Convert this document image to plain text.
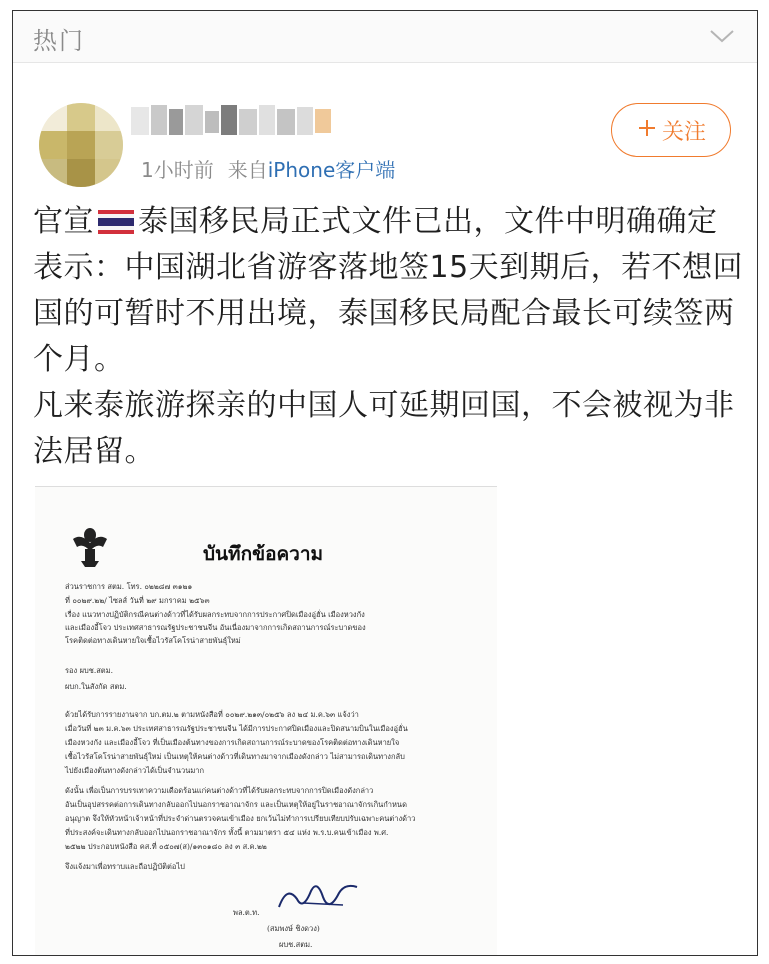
热门
1小时前 来自iPhone客户端
关注

官宣 泰国移民局正式文件已出，文件中明确确定表示：中国湖北省游客落地签15天到期后，若不想回国的可暂时不用出境，泰国移民局配合最长可续签两个月。

凡来泰旅游探亲的中国人可延期回国，不会被视为非法居留。

บันทึกข้อความ
ส่วนราชการ สตม. โทร. ๐๒๒๘๗ ๓๑๒๑
ที่ ๐๐๒๙.๒๒/ ไซลส์ วันที่ ๒๙ มกราคม ๒๕๖๓
เรื่อง แนวทางปฏิบัติกรณีคนต่างด้าวที่ได้รับผลกระทบจากการประกาศปิดเมืองอู่ฮั่น เมืองหวงกัง
และเมืองอี้โจว ประเทศสาธารณรัฐประชาชนจีน อันเนื่องมาจากการเกิดสถานการณ์ระบาดของ
โรคติดต่อทางเดินหายใจเชื้อไวรัสโคโรน่าสายพันธุ์ใหม่
รอง ผบช.สตม.
ผบก.ในสังกัด สตม.
ด้วยได้รับการรายงานจาก บก.ตม.๒ ตามหนังสือที่ ๐๐๒๙.๒๑๓/๐๒๕๖ ลง ๒๔ ม.ค.๖๓ แจ้งว่า
เมื่อวันที่ ๒๓ ม.ค.๖๓ ประเทศสาธารณรัฐประชาชนจีน ได้มีการประกาศปิดเมืองและปิดสนามบินในเมืองอู่ฮั่น
เมืองหวงกัง และเมืองอี้โจว ที่เป็นเมืองต้นทางของการเกิดสถานการณ์ระบาดของโรคติดต่อทางเดินหายใจ
เชื้อไวรัสโคโรน่าสายพันธุ์ใหม่ เป็นเหตุให้คนต่างด้าวที่เดินทางมาจากเมืองดังกล่าว ไม่สามารถเดินทางกลับ
ไปยังเมืองต้นทางดังกล่าวได้เป็นจำนวนมาก
ดังนั้น เพื่อเป็นการบรรเทาความเดือดร้อนแก่คนต่างด้าวที่ได้รับผลกระทบจากการปิดเมืองดังกล่าว
อันเป็นอุปสรรคต่อการเดินทางกลับออกไปนอกราชอาณาจักร และเป็นเหตุให้อยู่ในราชอาณาจักรเกินกำหนด
อนุญาต จึงให้หัวหน้าเจ้าหน้าที่ประจำด่านตรวจคนเข้าเมือง ยกเว้นไม่ทำการเปรียบเทียบปรับเฉพาะคนต่างด้าว
ที่ประสงค์จะเดินทางกลับออกไปนอกราชอาณาจักร ทั้งนี้ ตามมาตรา ๕๔ แห่ง พ.ร.บ.คนเข้าเมือง พ.ศ.
๒๕๒๒ ประกอบหนังสือ คส.ที่ ๐๕๐๗(ส)/๑๓๐๑๘๐ ลง ๓ ส.ค.๒๒
จึงแจ้งมาเพื่อทราบและถือปฏิบัติต่อไป
พล.ต.ท.
(สมพงษ์ ชิงดวง)
ผบช.สตม.
